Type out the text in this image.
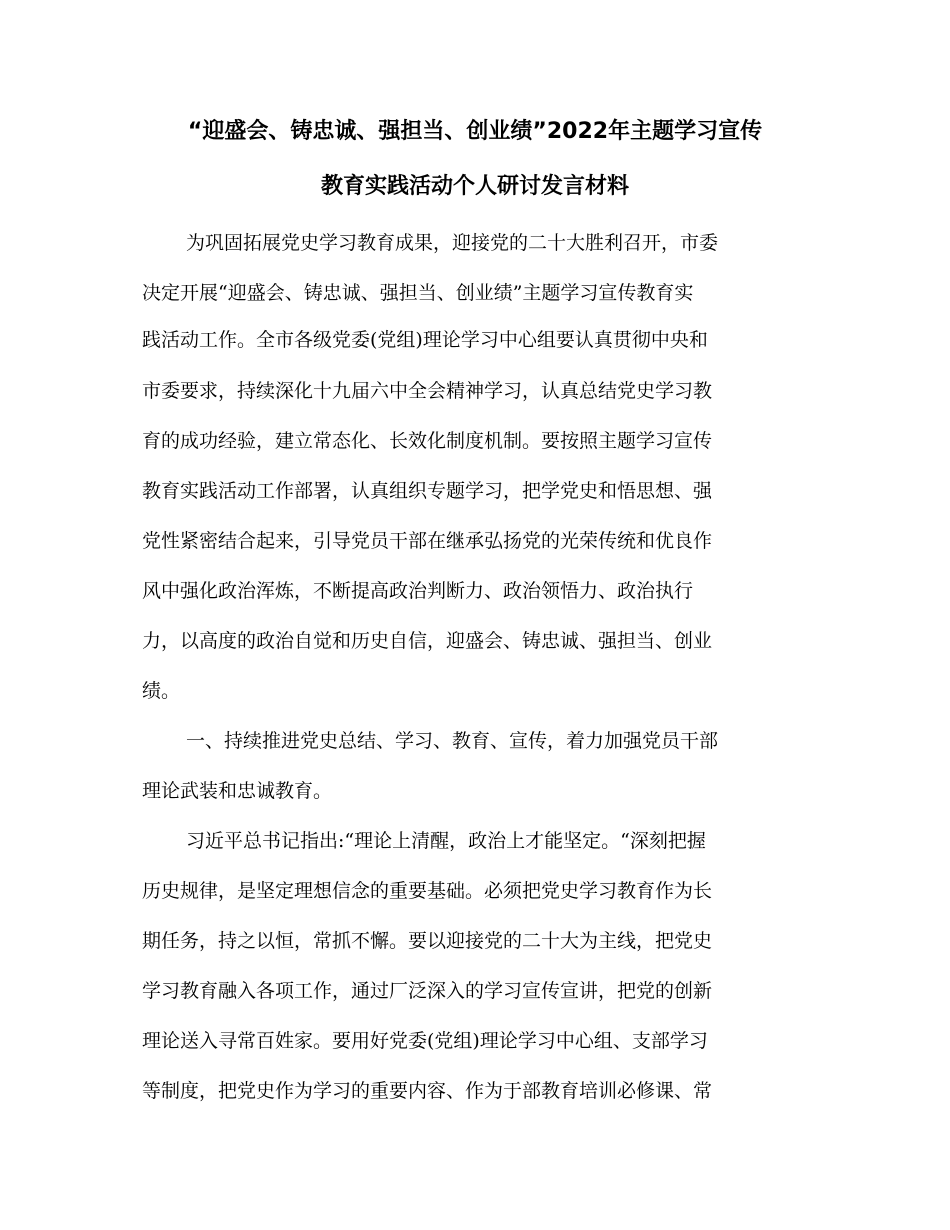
“迎盛会、铸忠诚、强担当、创业绩”2022年主题学习宣传
教育实践活动个人研讨发言材料
为巩固拓展党史学习教育成果，迎接党的二十大胜利召开，市委
决定开展“迎盛会、铸忠诚、强担当、创业绩”主题学习宣传教育实
践活动工作。全市各级党委(党组)理论学习中心组要认真贯彻中央和
市委要求，持续深化十九届六中全会精神学习，认真总结党史学习教
育的成功经验，建立常态化、长效化制度机制。要按照主题学习宣传
教育实践活动工作部署，认真组织专题学习，把学党史和悟思想、强
党性紧密结合起来，引导党员干部在继承弘扬党的光荣传统和优良作
风中强化政治浑炼，不断提高政治判断力、政治领悟力、政治执行
力，以高度的政治自觉和历史自信，迎盛会、铸忠诚、强担当、创业
绩。
一、持续推进党史总结、学习、教育、宣传，着力加强党员干部
理论武装和忠诚教育。
习近平总书记指出:“理论上清醒，政治上才能坚定。“深刻把握
历史规律，是坚定理想信念的重要基础。必须把党史学习教育作为长
期任务，持之以恒，常抓不懈。要以迎接党的二十大为主线，把党史
学习教育融入各项工作，通过厂泛深入的学习宣传宣讲，把党的创新
理论送入寻常百姓家。要用好党委(党组)理论学习中心组、支部学习
等制度，把党史作为学习的重要内容、作为于部教育培训必修课、常
